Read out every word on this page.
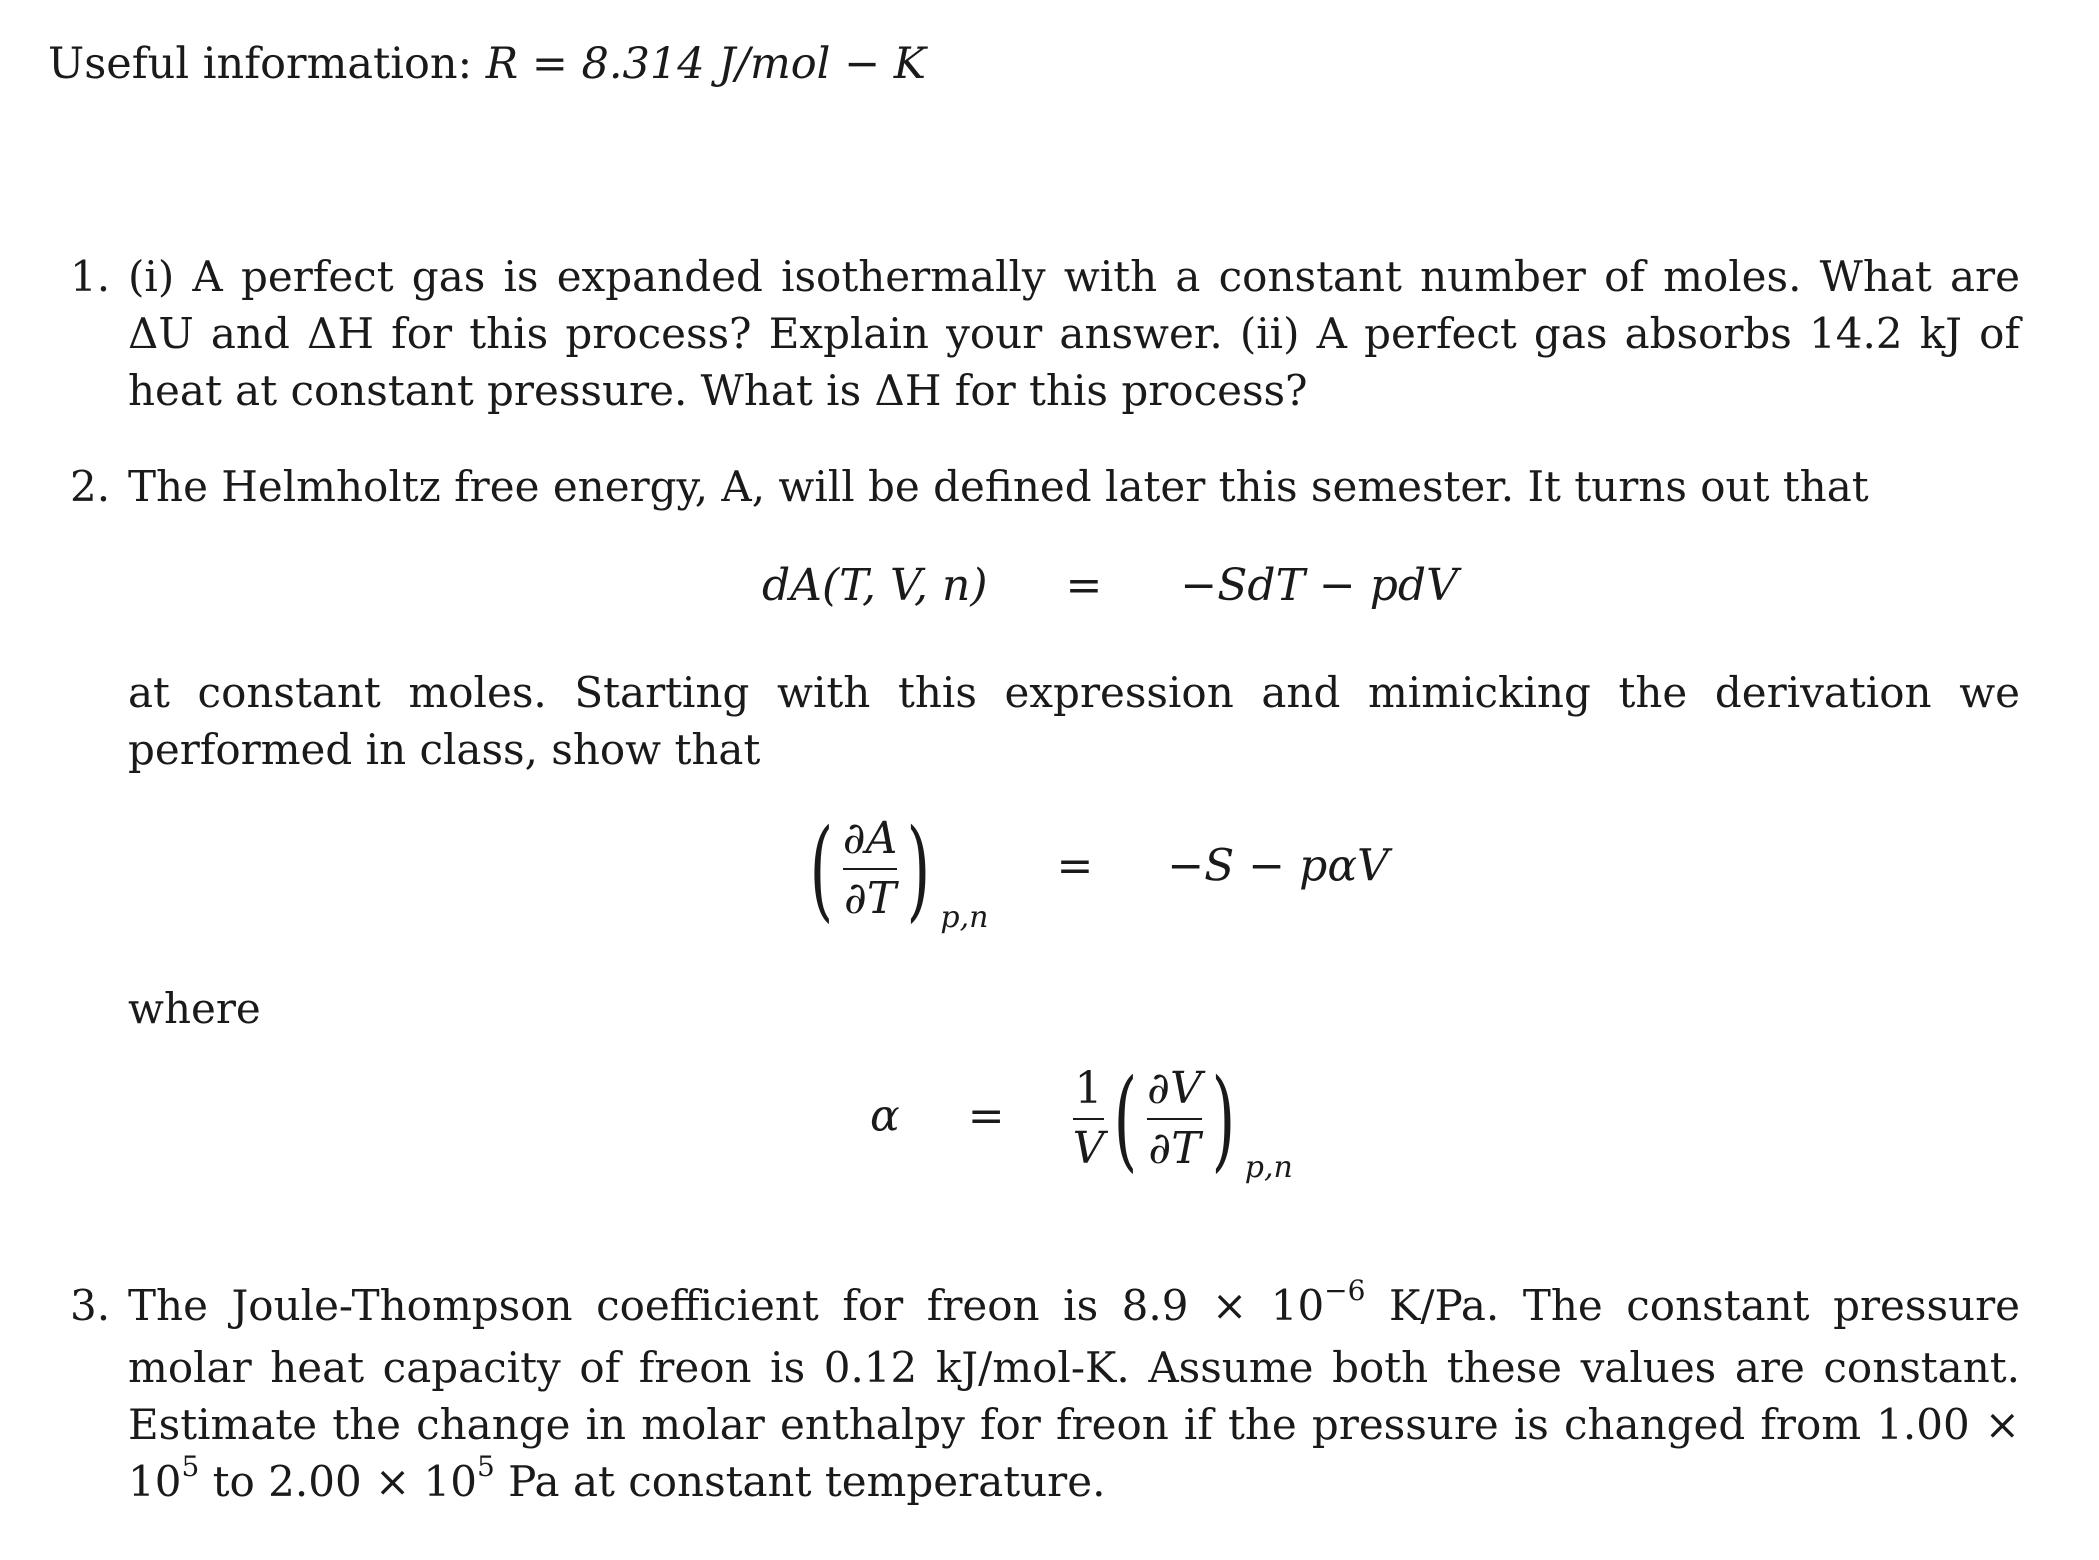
Useful information: R = 8.314 J/mol − K
1. (i) A perfect gas is expanded isothermally with a constant number of moles. What are ΔU and ΔH for this process? Explain your answer. (ii) A perfect gas absorbs 14.2 kJ of heat at constant pressure. What is ΔH for this process?
2. The Helmholtz free energy, A, will be defined later this semester. It turns out that
dA(T, V, n) = −SdT − pdV
at constant moles. Starting with this expression and mimicking the derivation we performed in class, show that
( $\frac{\partial A}{\partial T}$ ) $_{p,n}$  = −S − pαV
where
$\alpha = \frac{1}{V}$ ( $\frac{\partial V}{\partial T}$ ) $_{p,n}$
3. The Joule-Thompson coefficient for freon is $8.9 \times 10^{-6}$ K/Pa. The constant pressure molar heat capacity of freon is 0.12 kJ/mol-K. Assume both these values are constant. Estimate the change in molar enthalpy for freon if the pressure is changed from $1.00 \times 10^5$ to $2.00 \times 10^5$ Pa at constant temperature.
